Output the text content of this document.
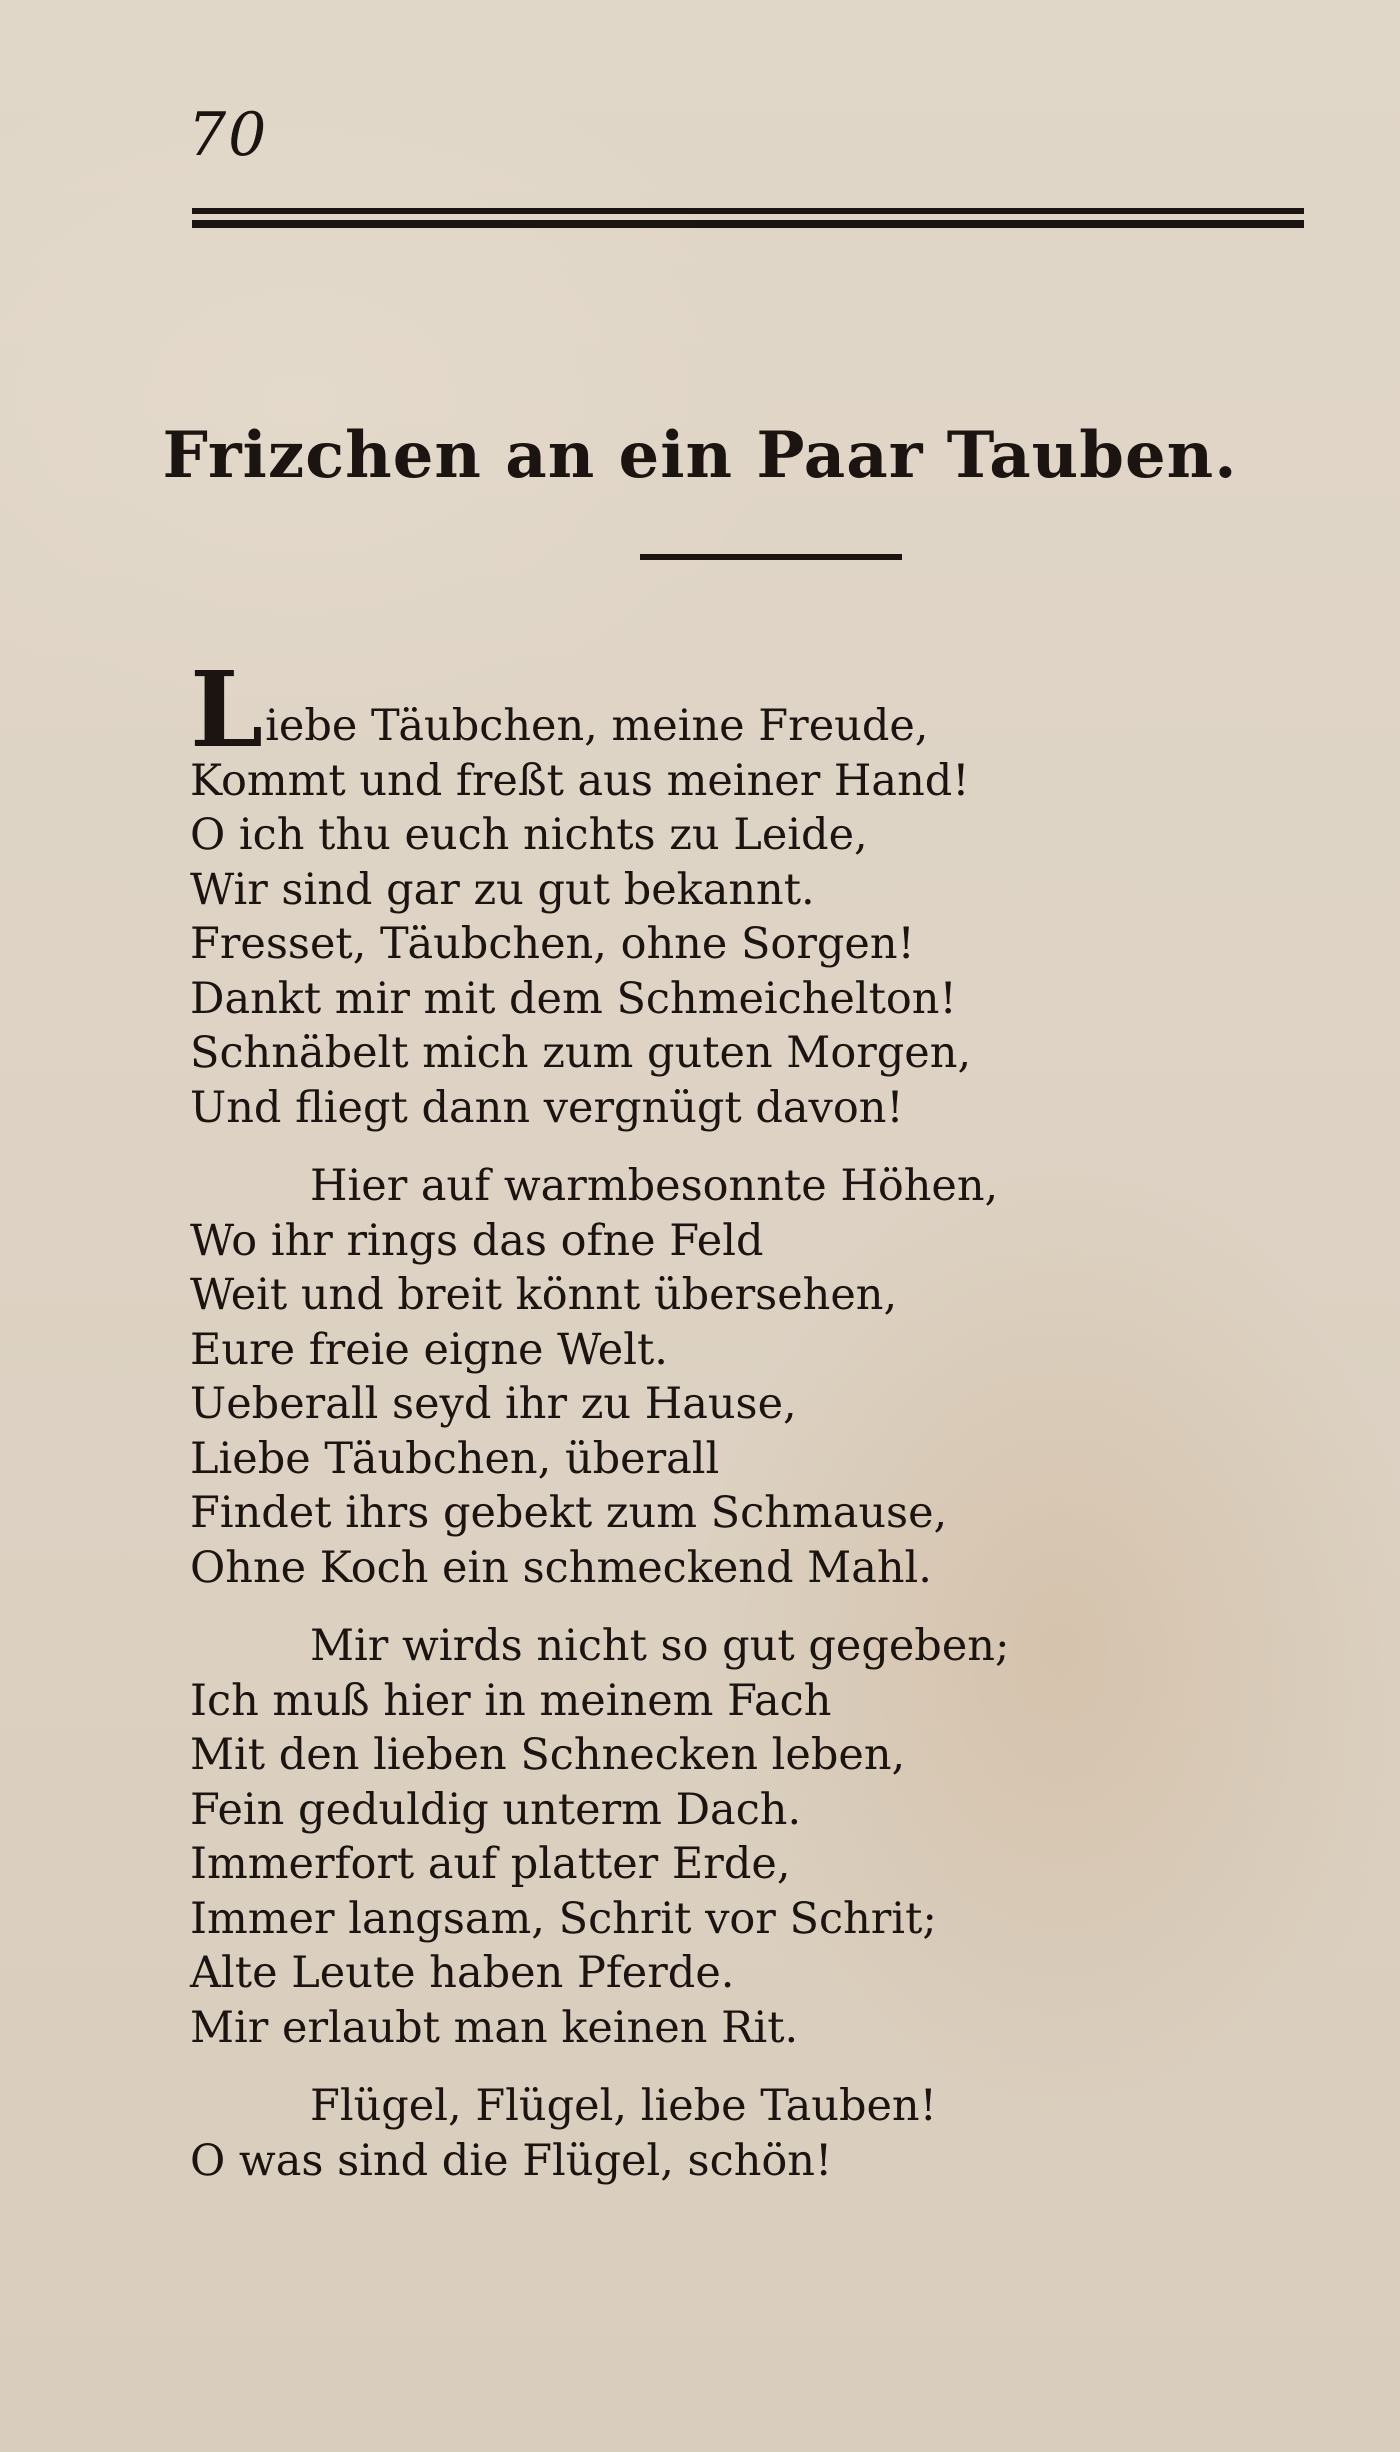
70
Frizchen an ein Paar Tauben.
Liebe Täubchen, meine Freude,
Kommt und freßt aus meiner Hand!
O ich thu euch nichts zu Leide,
Wir sind gar zu gut bekannt.
Fresset, Täubchen, ohne Sorgen!
Dankt mir mit dem Schmeichelton!
Schnäbelt mich zum guten Morgen,
Und fliegt dann vergnügt davon!
Hier auf warmbesonnte Höhen,
Wo ihr rings das ofne Feld
Weit und breit könnt übersehen,
Eure freie eigne Welt.
Ueberall seyd ihr zu Hause,
Liebe Täubchen, überall
Findet ihrs gebekt zum Schmause,
Ohne Koch ein schmeckend Mahl.
Mir wirds nicht so gut gegeben;
Ich muß hier in meinem Fach
Mit den lieben Schnecken leben,
Fein geduldig unterm Dach.
Immerfort auf platter Erde,
Immer langsam, Schrit vor Schrit;
Alte Leute haben Pferde.
Mir erlaubt man keinen Rit.
Flügel, Flügel, liebe Tauben!
O was sind die Flügel, schön!
